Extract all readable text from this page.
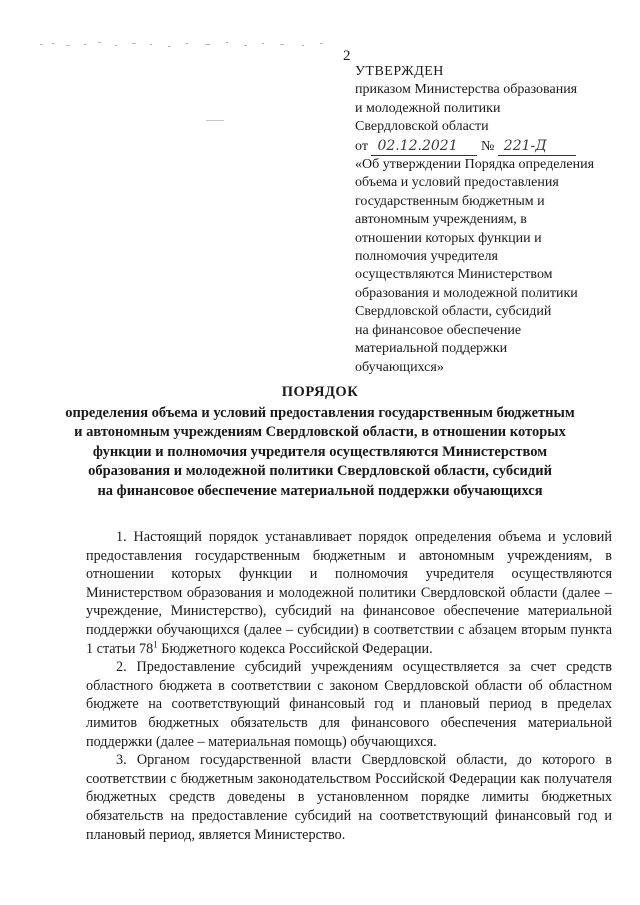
2
УТВЕРЖДЕН
приказом Министерства образования
и молодежной политики
Свердловской области
от 02.12.2021 № 221-Д
«Об утверждении Порядка определения
объема и условий предоставления
государственным бюджетным и
автономным учреждениям, в
отношении которых функции и
полномочия учредителя
осуществляются Министерством
образования и молодежной политики
Свердловской области, субсидий
на финансовое обеспечение
материальной поддержки
обучающихся»
ПОРЯДОК
определения объема и условий предоставления государственным бюджетным
и автономным учреждениям Свердловской области, в отношении которых
функции и полномочия учредителя осуществляются Министерством
образования и молодежной политики Свердловской области, субсидий
на финансовое обеспечение материальной поддержки обучающихся

1. Настоящий порядок устанавливает порядок определения объема и условий предоставления государственным бюджетным и автономным учреждениям, в отношении которых функции и полномочия учредителя осуществляются Министерством образования и молодежной политики Свердловской области (далее – учреждение, Министерство), субсидий на финансовое обеспечение материальной поддержки обучающихся (далее – субсидии) в соответствии с абзацем вторым пункта 1 статьи $78^1$ Бюджетного кодекса Российской Федерации.

2. Предоставление субсидий учреждениям осуществляется за счет средств областного бюджета в соответствии с законом Свердловской области об областном бюджете на соответствующий финансовый год и плановый период в пределах лимитов бюджетных обязательств для финансового обеспечения материальной поддержки (далее – материальная помощь) обучающихся.

3. Органом государственной власти Свердловской области, до которого в соответствии с бюджетным законодательством Российской Федерации как получателя бюджетных средств доведены в установленном порядке лимиты бюджетных обязательств на предоставление субсидий на соответствующий финансовый год и плановый период, является Министерство.
